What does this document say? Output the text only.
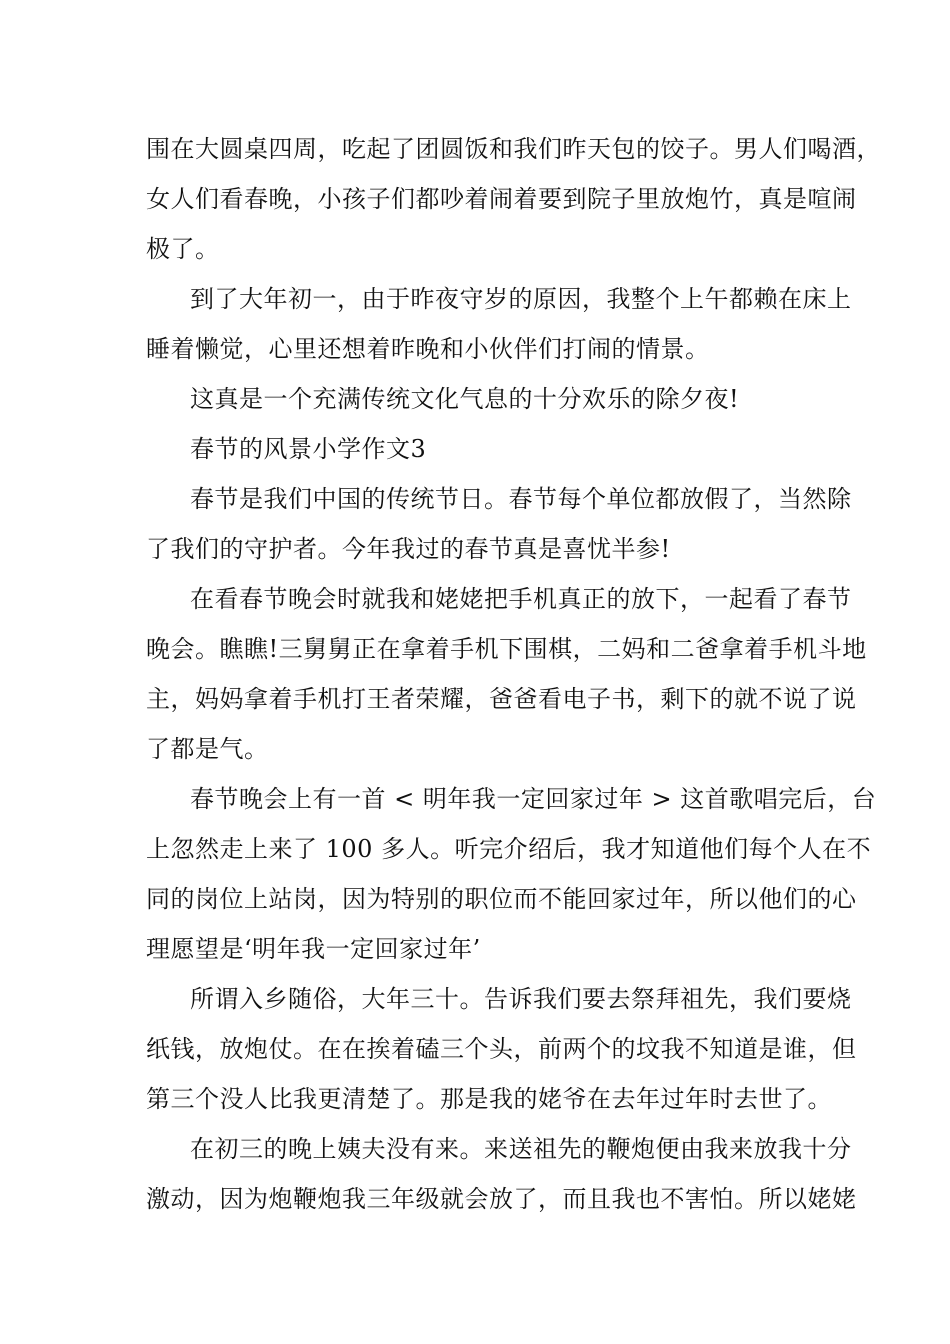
围在大圆桌四周，吃起了团圆饭和我们昨天包的饺子。男人们喝酒，
女人们看春晚，小孩子们都吵着闹着要到院子里放炮竹，真是喧闹
极了。
到了大年初一，由于昨夜守岁的原因，我整个上午都赖在床上
睡着懒觉，心里还想着昨晚和小伙伴们打闹的情景。
这真是一个充满传统文化气息的十分欢乐的除夕夜!
春节的风景小学作文3
春节是我们中国的传统节日。春节每个单位都放假了，当然除
了我们的守护者。今年我过的春节真是喜忧半参!
在看春节晚会时就我和姥姥把手机真正的放下，一起看了春节
晚会。瞧瞧!三舅舅正在拿着手机下围棋，二妈和二爸拿着手机斗地
主，妈妈拿着手机打王者荣耀，爸爸看电子书，剩下的就不说了说
了都是气。
春节晚会上有一首 < 明年我一定回家过年 > 这首歌唱完后，台
上忽然走上来了 100 多人。听完介绍后，我才知道他们每个人在不
同的岗位上站岗，因为特别的职位而不能回家过年，所以他们的心
理愿望是‘明年我一定回家过年’
所谓入乡随俗，大年三十。告诉我们要去祭拜祖先，我们要烧
纸钱，放炮仗。在在挨着磕三个头，前两个的坟我不知道是谁，但
第三个没人比我更清楚了。那是我的姥爷在去年过年时去世了。
在初三的晚上姨夫没有来。来送祖先的鞭炮便由我来放我十分
激动，因为炮鞭炮我三年级就会放了，而且我也不害怕。所以姥姥
